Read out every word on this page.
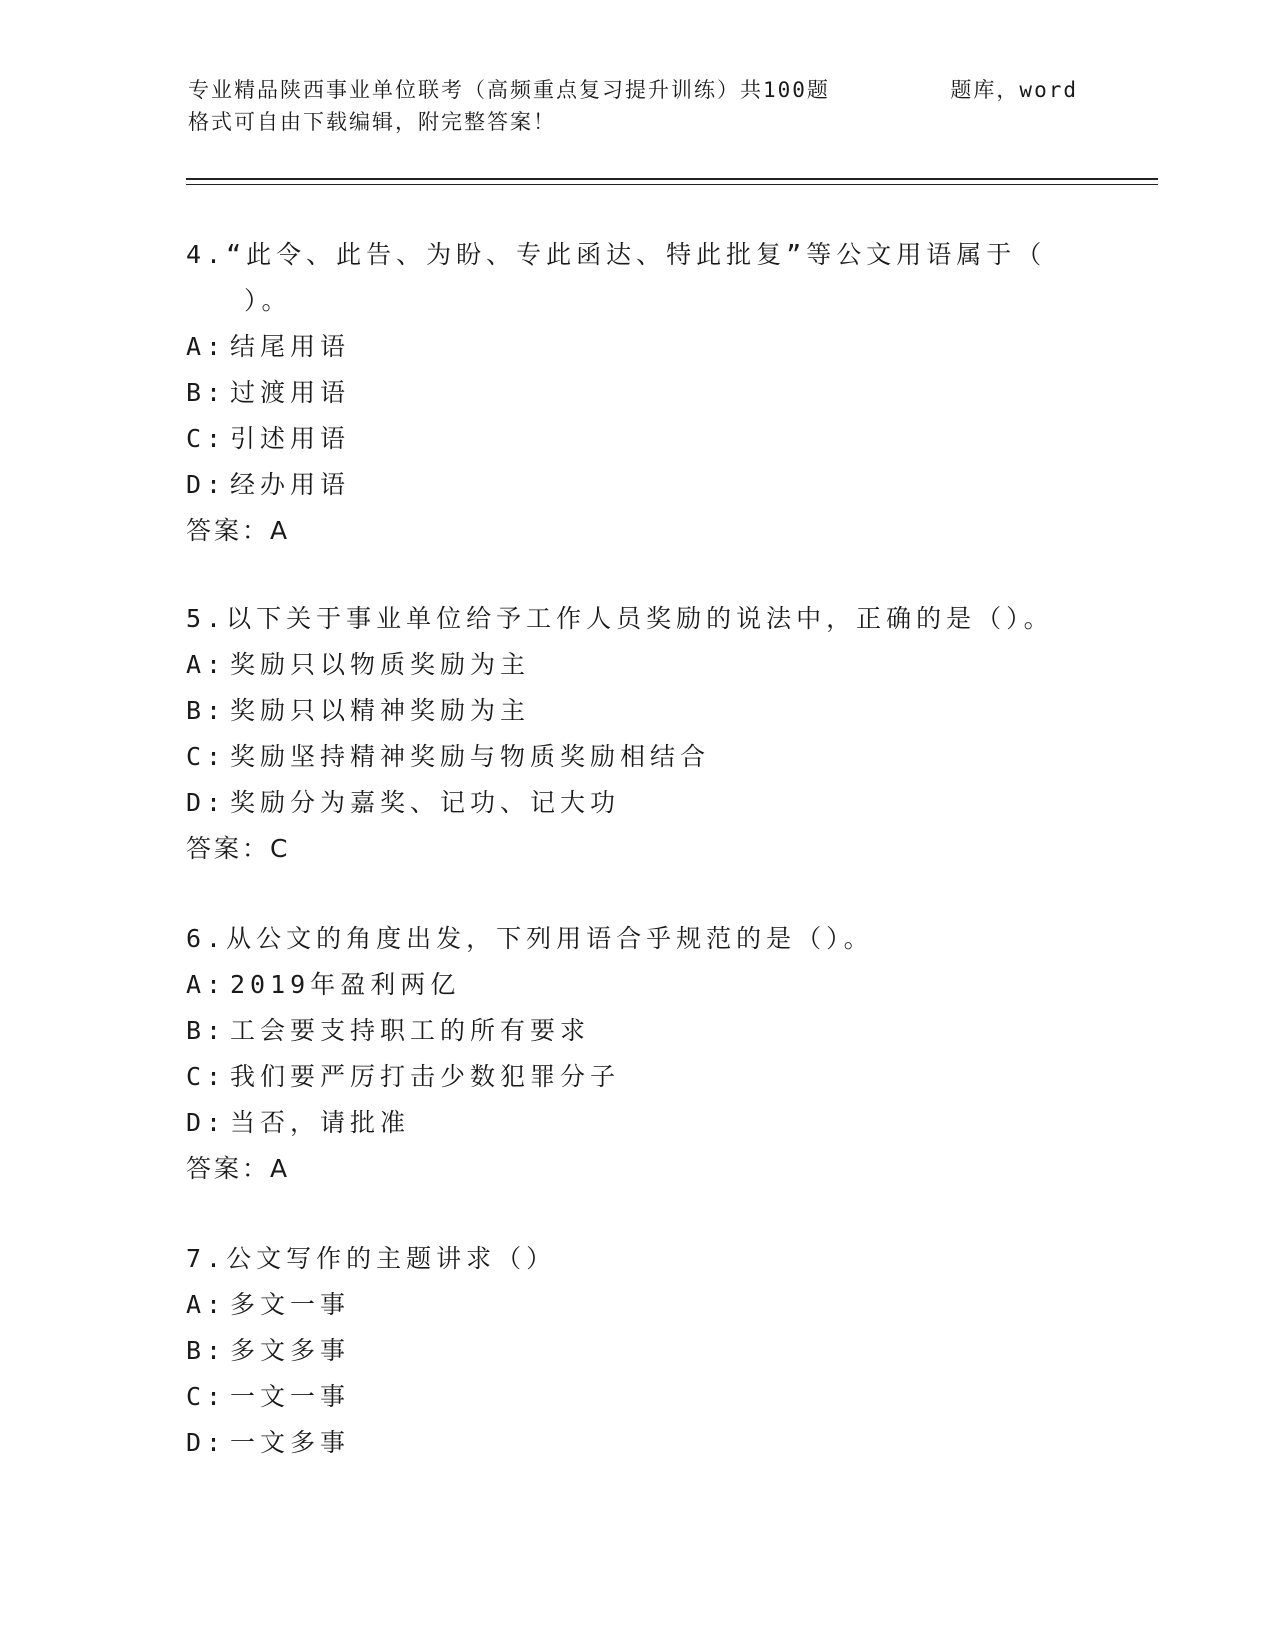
专业精品陕西事业单位联考（高频重点复习提升训练）共100题	题库，word
格式可自由下载编辑，附完整答案！
4.“此令、此告、为盼、专此函达、特此批复”等公文用语属于（
）。
A: 结尾用语
B: 过渡用语
C: 引述用语
D: 经办用语
答案：A
5.以下关于事业单位给予工作人员奖励的说法中，正确的是（）。
A: 奖励只以物质奖励为主
B: 奖励只以精神奖励为主
C: 奖励坚持精神奖励与物质奖励相结合
D: 奖励分为嘉奖、记功、记大功
答案：C
6.从公文的角度出发，下列用语合乎规范的是（）。
A: 2019年盈利两亿
B: 工会要支持职工的所有要求
C: 我们要严厉打击少数犯罪分子
D: 当否，请批准
答案：A
7.公文写作的主题讲求（）
A: 多文一事
B: 多文多事
C: 一文一事
D: 一文多事
